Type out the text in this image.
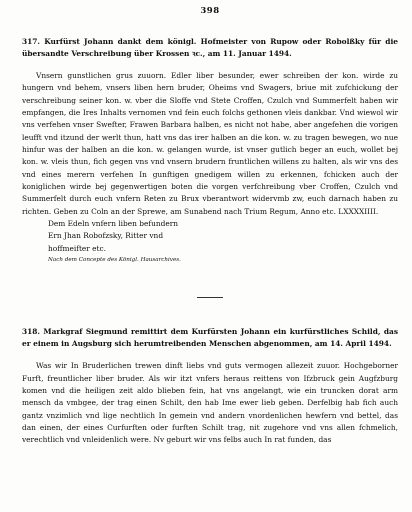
398

317. Kurfürst Johann dankt dem königl. Hofmeister von Rupow oder Robolßky für die übersandte Verschreibung über Krossen ꝛc., am 11. Januar 1494.

Vnsern gunstlichen grus zuuorn. Edler liber besunder, ewer schreiben der kon. wirde zu hungern vnd behem, vnsers liben hern bruder, Oheims vnd Swagers, briue mit zufchickung der verschreibung seiner kon. w. vber die Sloffe vnd Stete Croffen, Czulch vnd Summerfelt haben wir empfangen, die Ires Inhalts vernomen vnd fein euch folchs gethonen vleis dankbar. Vnd wiewol wir vns verfehen vnser Swefter, Frawen Barbara halben, es nicht not habe, aber angefehen die vorigen leufft vnd itzund der werlt thun, hatt vns das irer halben an die kon. w. zu tragen bewegen, wo nue hinfur was der halben an die kon. w. gelangen wurde, ist vnser gutlich beger an euch, wollet bej kon. w. vleis thun, fich gegen vns vnd vnsern brudern fruntlichen willens zu halten, als wir vns des vnd eines merern verfehen In gunftigen gnedigem willen zu erkennen, fchicken auch der koniglichen wirde bej gegenwertigen boten die vorgen verfchreibung vber Croffen, Czulch vnd Summerfelt durch euch vnfern Reten zu Brux vberantwort widervmb zw, euch darnach haben zu richten. Geben zu Coln an der Sprewe, am Sunabend nach Trium Regum, Anno etc. LXXXXIIII.

Dem Edeln vnfern liben befundern
Ern Jhan Robofzsky, Ritter vnd
hoffmeifter etc.
Nach dem Concepte des Königl. Hausarchives.

318. Markgraf Siegmund remittirt dem Kurfürsten Johann ein kurfürstliches Schild, das er einem in Augsburg sich herumtreibenden Menschen abgenommen, am 14. April 1494.

Was wir In Bruderlichen trewen dinft liebs vnd guts vermogen allezeit zuuor. Hochgeborner Furft, freuntlicher liber bruder. Als wir itzt vnfers heraus reittens von Ifzbruck gein Augfzburg komen vnd die heiligen zeit aldo blieben fein, hat vns angelangt, wie ein truncken dorat arm mensch da vmbgee, der trag einen Schilt, den hab Ime ewer lieb geben. Derfelbig hab fich auch gantz vnzimlich vnd lige nechtlich In gemein vnd andern vnordenlichen hewfern vnd bettel, das dan einen, der eines Curfurften oder furften Schilt trag, nit zugehore vnd vns allen fchmelich, verechtlich vnd vnleidenlich were. Nv geburt wir vns felbs auch In rat funden, das
